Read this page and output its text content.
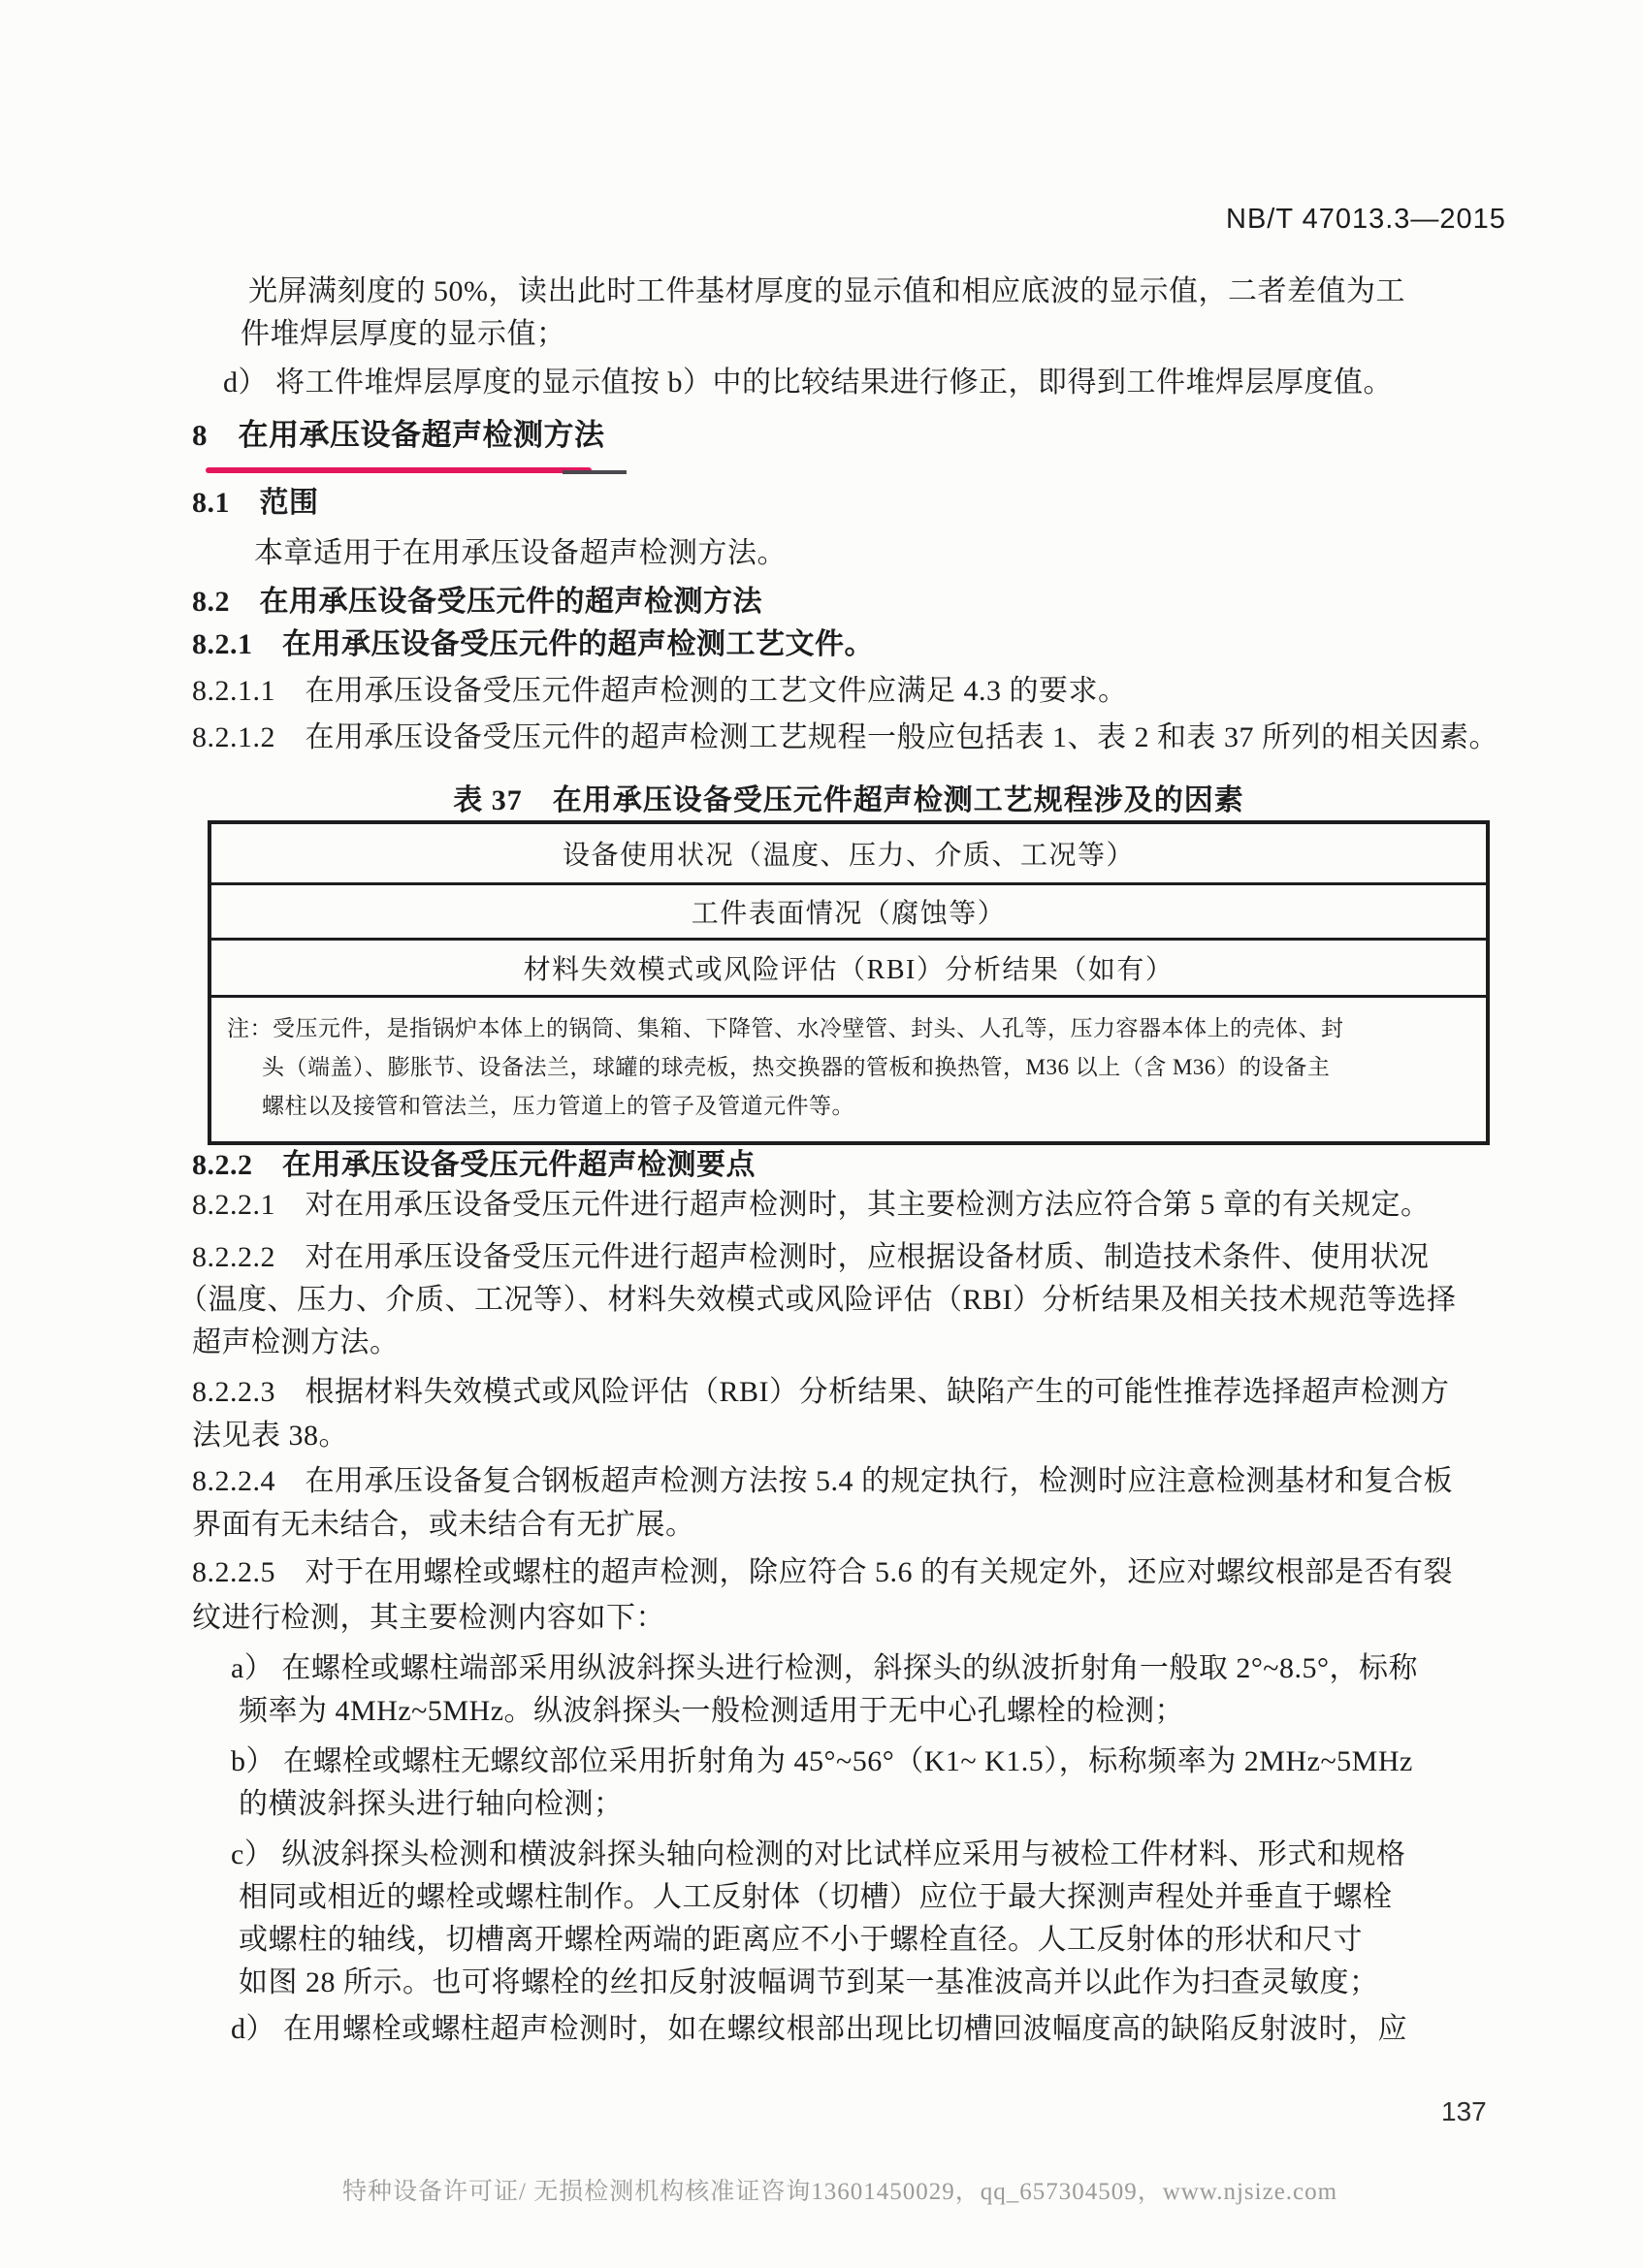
NB/T 47013.3—2015
光屏满刻度的 50%，读出此时工件基材厚度的显示值和相应底波的显示值，二者差值为工
件堆焊层厚度的显示值；
d） 将工件堆焊层厚度的显示值按 b）中的比较结果进行修正，即得到工件堆焊层厚度值。
8　在用承压设备超声检测方法
8.1　范围
本章适用于在用承压设备超声检测方法。
8.2　在用承压设备受压元件的超声检测方法
8.2.1　在用承压设备受压元件的超声检测工艺文件。
8.2.1.1　在用承压设备受压元件超声检测的工艺文件应满足 4.3 的要求。
8.2.1.2　在用承压设备受压元件的超声检测工艺规程一般应包括表 1、表 2 和表 37 所列的相关因素。
表 37　在用承压设备受压元件超声检测工艺规程涉及的因素
设备使用状况（温度、压力、介质、工况等）
工件表面情况（腐蚀等）
材料失效模式或风险评估（RBI）分析结果（如有）
注：受压元件，是指锅炉本体上的锅筒、集箱、下降管、水冷壁管、封头、人孔等，压力容器本体上的壳体、封
头（端盖）、膨胀节、设备法兰，球罐的球壳板，热交换器的管板和换热管，M36 以上（含 M36）的设备主
螺柱以及接管和管法兰，压力管道上的管子及管道元件等。
8.2.2　在用承压设备受压元件超声检测要点
8.2.2.1　对在用承压设备受压元件进行超声检测时，其主要检测方法应符合第 5 章的有关规定。
8.2.2.2　对在用承压设备受压元件进行超声检测时，应根据设备材质、制造技术条件、使用状况
（温度、压力、介质、工况等）、材料失效模式或风险评估（RBI）分析结果及相关技术规范等选择
超声检测方法。
8.2.2.3　根据材料失效模式或风险评估（RBI）分析结果、缺陷产生的可能性推荐选择超声检测方
法见表 38。
8.2.2.4　在用承压设备复合钢板超声检测方法按 5.4 的规定执行，检测时应注意检测基材和复合板
界面有无未结合，或未结合有无扩展。
8.2.2.5　对于在用螺栓或螺柱的超声检测，除应符合 5.6 的有关规定外，还应对螺纹根部是否有裂
纹进行检测，其主要检测内容如下：
a） 在螺栓或螺柱端部采用纵波斜探头进行检测，斜探头的纵波折射角一般取 2°~8.5°，标称
频率为 4MHz~5MHz。纵波斜探头一般检测适用于无中心孔螺栓的检测；
b） 在螺栓或螺柱无螺纹部位采用折射角为 45°~56°（K1~ K1.5），标称频率为 2MHz~5MHz
的横波斜探头进行轴向检测；
c） 纵波斜探头检测和横波斜探头轴向检测的对比试样应采用与被检工件材料、形式和规格
相同或相近的螺栓或螺柱制作。人工反射体（切槽）应位于最大探测声程处并垂直于螺栓
或螺柱的轴线，切槽离开螺栓两端的距离应不小于螺栓直径。人工反射体的形状和尺寸
如图 28 所示。也可将螺栓的丝扣反射波幅调节到某一基准波高并以此作为扫查灵敏度；
d） 在用螺栓或螺柱超声检测时，如在螺纹根部出现比切槽回波幅度高的缺陷反射波时，应
137
特种设备许可证/ 无损检测机构核准证咨询13601450029，qq_657304509，www.njsize.com
